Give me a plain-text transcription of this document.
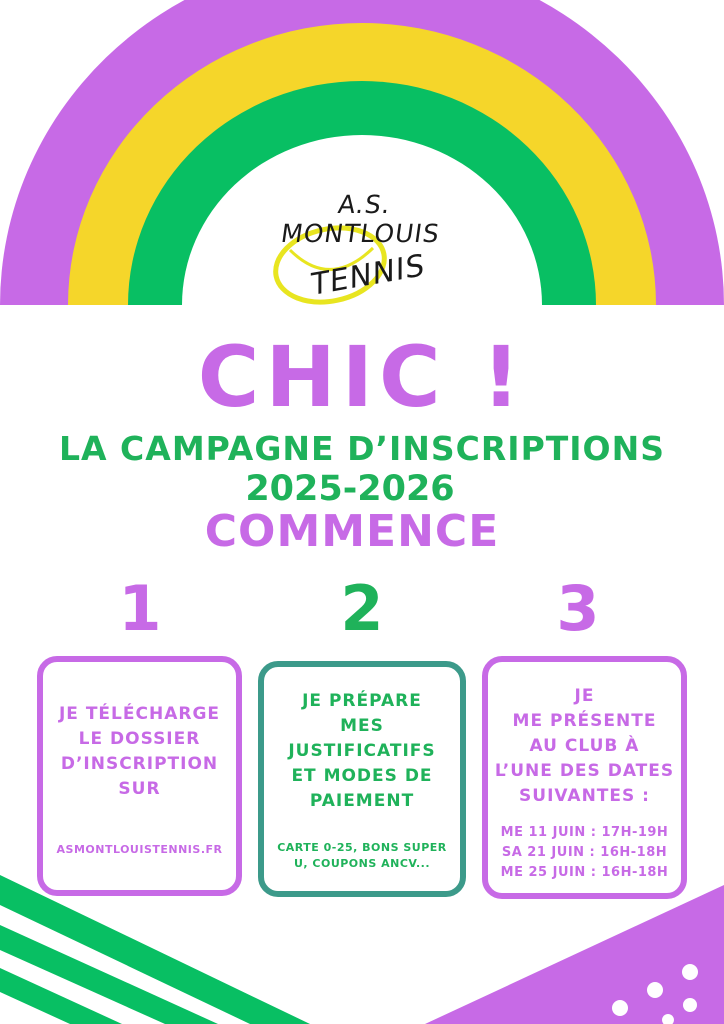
A.S. MONTLOUIS
TENNIS
CHIC !
LA CAMPAGNE D’INSCRIPTIONS
2025-2026
COMMENCE
1	2	3

JE TÉLÉCHARGE
LE DOSSIER
D’INSCRIPTION
SUR

ASMONTLOUISTENNIS.FR

JE PRÉPARE
MES
JUSTIFICATIFS
ET MODES DE
PAIEMENT

CARTE 0-25, BONS SUPER
U, COUPONS ANCV...

JE
ME PRÉSENTE
AU CLUB À
L’UNE DES DATES
SUIVANTES :

ME 11 JUIN : 17H-19H
SA 21 JUIN : 16H-18H
ME 25 JUIN : 16H-18H
